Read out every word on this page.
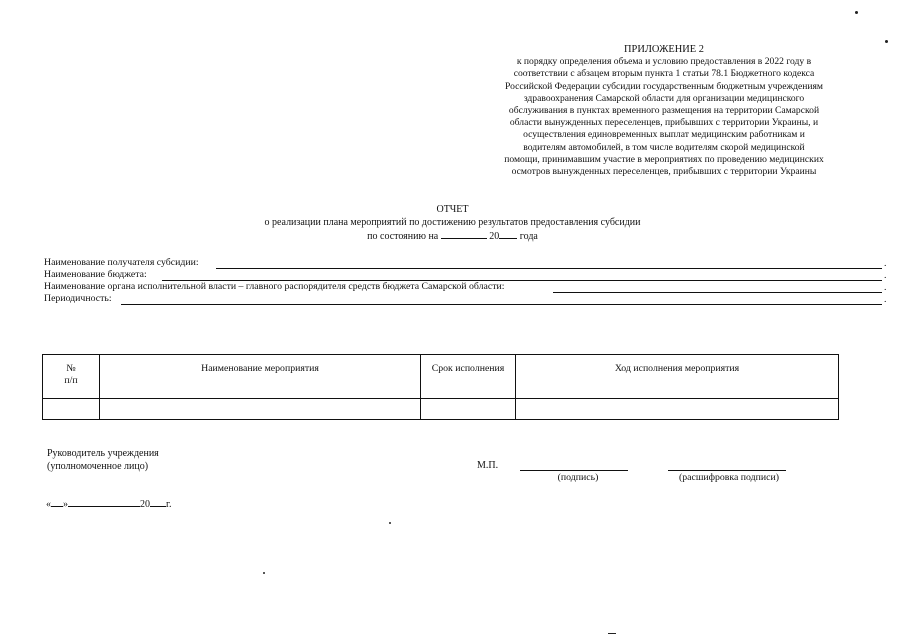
ПРИЛОЖЕНИЕ 2
к порядку определения объема и условию предоставления в 2022 году в
соответствии с абзацем вторым пункта 1 статьи 78.1 Бюджетного кодекса
Российской Федерации субсидии государственным бюджетным учреждениям
здравоохранения Самарской области для организации медицинского
обслуживания в пунктах временного размещения на территории Самарской
области вынужденных переселенцев, прибывших с территории Украины, и
осуществления единовременных выплат медицинским работникам и
водителям автомобилей, в том числе водителям скорой медицинской
помощи, принимавшим участие в мероприятиях по проведению медицинских
осмотров вынужденных переселенцев, прибывших с территории Украины
ОТЧЕТ
о реализации плана мероприятий по достижению результатов предоставления субсидии
по состоянию на	20 года
Наименование получателя субсидии:	.
Наименование бюджета:	.
Наименование органа исполнительной власти – главного распорядителя средств бюджета Самарской области:	.
Периодичность:	.
№
п/п	Наименование мероприятия	Срок исполнения	Ход исполнения мероприятия

Руководитель учреждения
(уполномоченное лицо)	М.П.
(подпись)	(расшифровка подписи)
« »	20 г.
